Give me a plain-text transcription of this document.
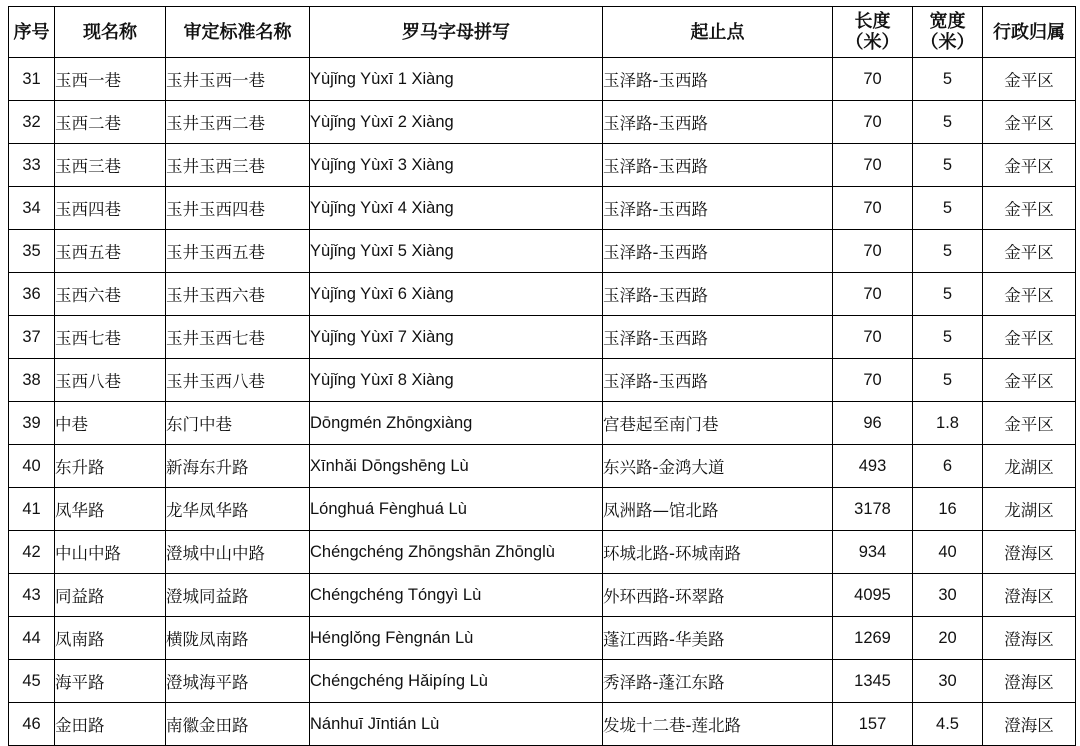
序号	现名称	审定标准名称	罗马字母拼写	起止点	长度（米）	宽度（米）	行政归属
31	玉西一巷	玉井玉西一巷	Yùjǐng Yùxī 1 Xiàng	玉泽路-玉西路	70	5	金平区
32	玉西二巷	玉井玉西二巷	Yùjǐng Yùxī 2 Xiàng	玉泽路-玉西路	70	5	金平区
33	玉西三巷	玉井玉西三巷	Yùjǐng Yùxī 3 Xiàng	玉泽路-玉西路	70	5	金平区
34	玉西四巷	玉井玉西四巷	Yùjǐng Yùxī 4 Xiàng	玉泽路-玉西路	70	5	金平区
35	玉西五巷	玉井玉西五巷	Yùjǐng Yùxī 5 Xiàng	玉泽路-玉西路	70	5	金平区
36	玉西六巷	玉井玉西六巷	Yùjǐng Yùxī 6 Xiàng	玉泽路-玉西路	70	5	金平区
37	玉西七巷	玉井玉西七巷	Yùjǐng Yùxī 7 Xiàng	玉泽路-玉西路	70	5	金平区
38	玉西八巷	玉井玉西八巷	Yùjǐng Yùxī 8 Xiàng	玉泽路-玉西路	70	5	金平区
39	中巷	东门中巷	Dōngmén Zhōngxiàng	宫巷起至南门巷	96	1.8	金平区
40	东升路	新海东升路	Xīnhǎi Dōngshēng Lù	东兴路-金鸿大道	493	6	龙湖区
41	凤华路	龙华凤华路	Lónghuá Fènghuá Lù	凤洲路—馆北路	3178	16	龙湖区
42	中山中路	澄城中山中路	Chéngchéng Zhōngshān Zhōnglù	环城北路-环城南路	934	40	澄海区
43	同益路	澄城同益路	Chéngchéng Tóngyì Lù	外环西路-环翠路	4095	30	澄海区
44	凤南路	横陇凤南路	Hénglǒng Fèngnán Lù	蓬江西路-华美路	1269	20	澄海区
45	海平路	澄城海平路	Chéngchéng Hǎipíng Lù	秀泽路-蓬江东路	1345	30	澄海区
46	金田路	南徽金田路	Nánhuī Jīntián Lù	发垅十二巷-莲北路	157	4.5	澄海区
